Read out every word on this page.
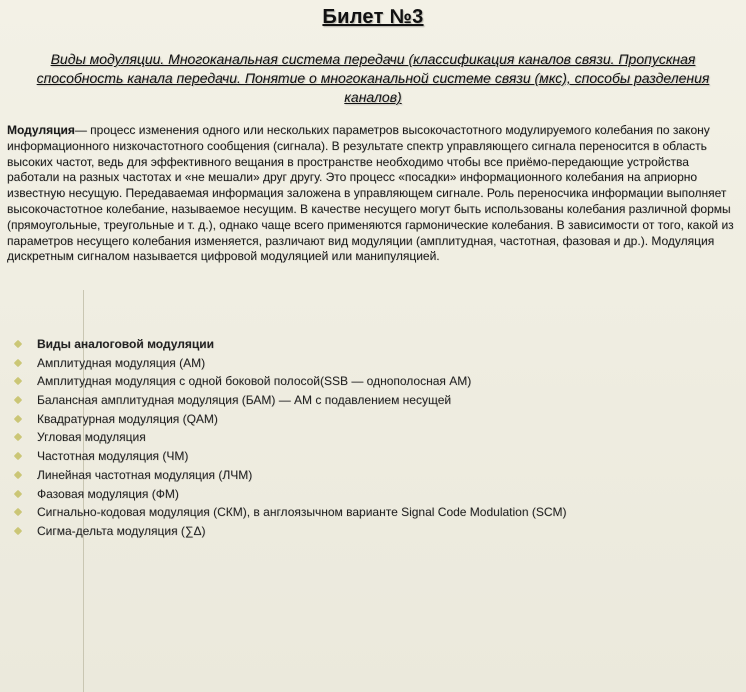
Билет №3
Виды модуляции. Многоканальная система передачи (классификация каналов связи. Пропускная способность канала передачи. Понятие о многоканальной системе связи (мкс), способы разделения каналов)
Модуляция— процесс изменения одного или нескольких параметров высокочастотного модулируемого колебания по закону информационного низкочастотного сообщения (сигнала). В результате спектр управляющего сигнала переносится в область высоких частот, ведь для эффективного вещания в пространстве необходимо чтобы все приёмо-передающие устройства работали на разных частотах и «не мешали» друг другу. Это процесс «посадки» информационного колебания на априорно известную несущую. Передаваемая информация заложена в управляющем сигнале. Роль переносчика информации выполняет высокочастотное колебание, называемое несущим. В качестве несущего могут быть использованы колебания различной формы (прямоугольные, треугольные и т. д.), однако чаще всего применяются гармонические колебания. В зависимости от того, какой из параметров несущего колебания изменяется, различают вид модуляции (амплитудная, частотная, фазовая и др.). Модуляция дискретным сигналом называется цифровой модуляцией или манипуляцией.
Виды аналоговой модуляции
Амплитудная модуляция (АМ)
Амплитудная модуляция с одной боковой полосой(SSB — однополосная АМ)
Балансная амплитудная модуляция (БАМ) — АМ с подавлением несущей
Квадратурная модуляция (QAM)
Угловая модуляция
Частотная модуляция (ЧМ)
Линейная частотная модуляция (ЛЧМ)
Фазовая модуляция (ФМ)
Сигнально-кодовая модуляция (СКМ), в англоязычном варианте Signal Code Modulation (SCM)
Сигма-дельта модуляция (∑Δ)
